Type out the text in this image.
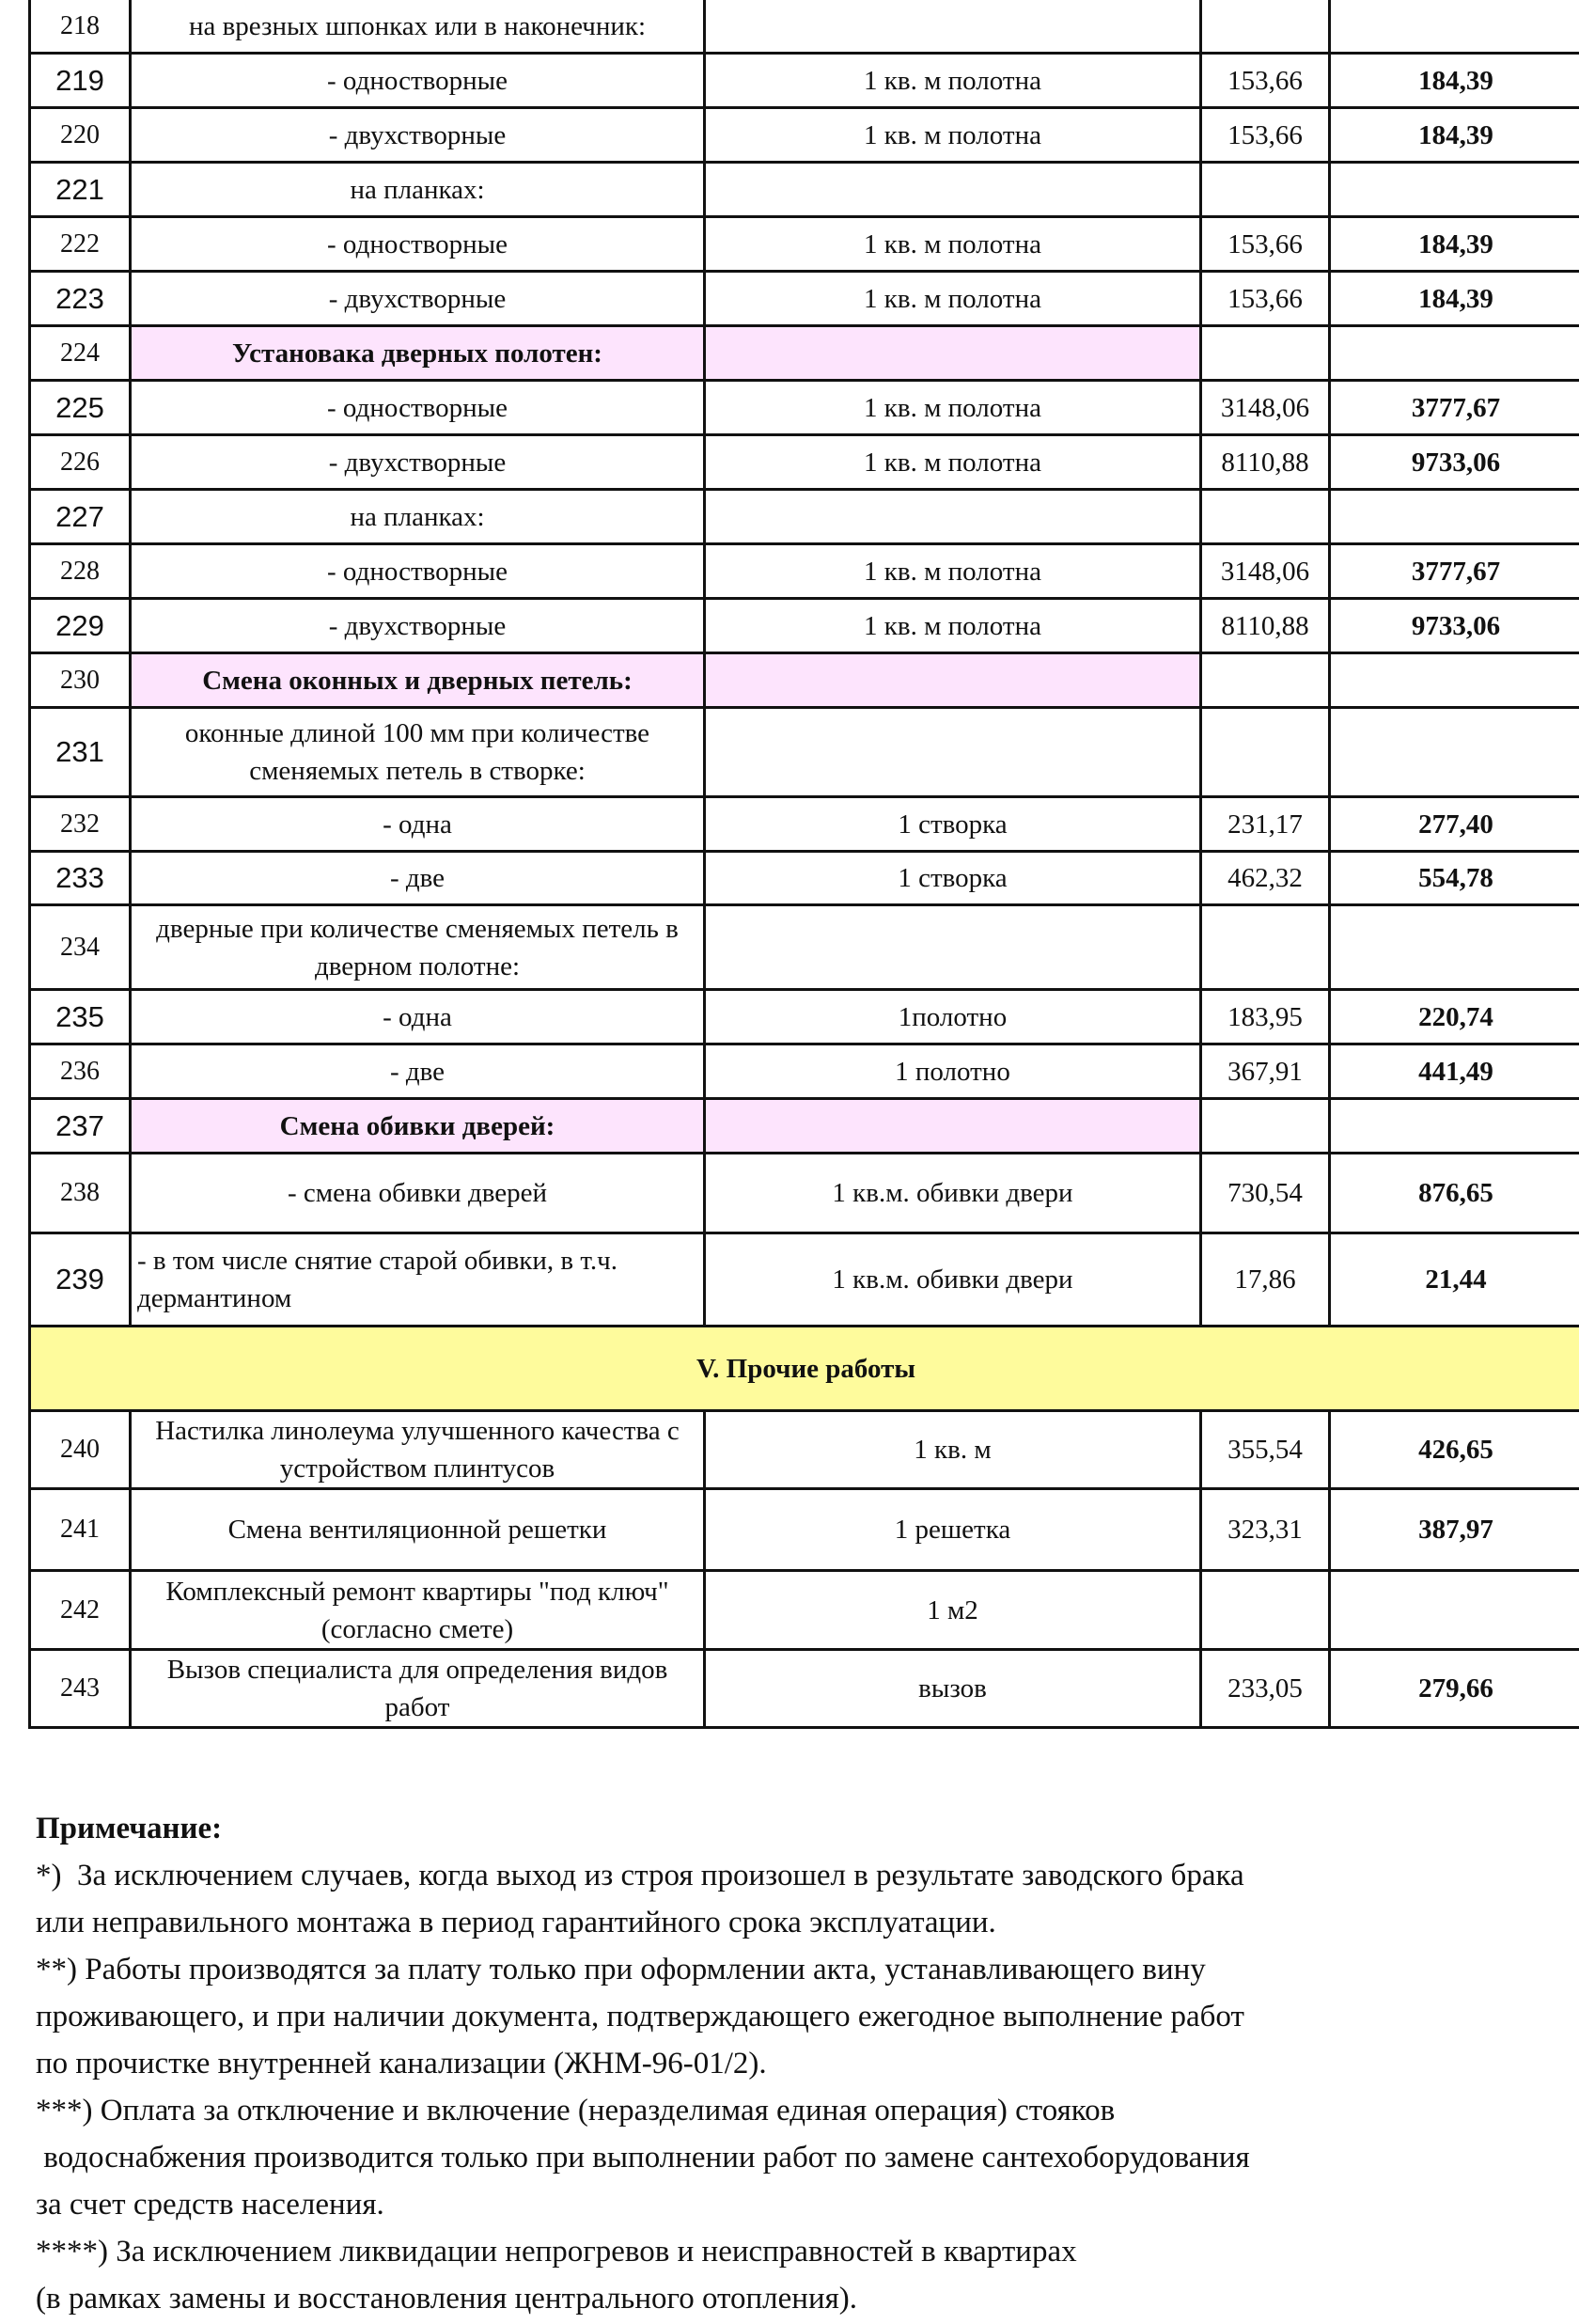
218	на врезных шпонках или в наконечник:			
219	- одностворные	1 кв. м полотна	153,66	184,39
220	- двухстворные	1 кв. м полотна	153,66	184,39
221	на планках:			
222	- одностворные	1 кв. м полотна	153,66	184,39
223	- двухстворные	1 кв. м полотна	153,66	184,39
224	Установака дверных полотен:			
225	- одностворные	1 кв. м полотна	3148,06	3777,67
226	- двухстворные	1 кв. м полотна	8110,88	9733,06
227	на планках:			
228	- одностворные	1 кв. м полотна	3148,06	3777,67
229	- двухстворные	1 кв. м полотна	8110,88	9733,06
230	Смена оконных и дверных петель:			
231	оконные длиной 100 мм при количестве сменяемых петель в створке:			
232	- одна	1 створка	231,17	277,40
233	- две	1 створка	462,32	554,78
234	дверные при количестве сменяемых петель в дверном полотне:			
235	- одна	1полотно	183,95	220,74
236	- две	1 полотно	367,91	441,49
237	Смена обивки дверей:			
238	- смена обивки дверей	1 кв.м. обивки двери	730,54	876,65
239	- в том числе снятие старой обивки, в т.ч. дермантином	1 кв.м. обивки двери	17,86	21,44
V. Прочие работы				
240	Настилка линолеума улучшенного качества с устройством плинтусов	1 кв. м	355,54	426,65
241	Смена вентиляционной решетки	1 решетка	323,31	387,97
242	Комплексный ремонт квартиры "под ключ" (согласно смете)	1 м2		
243	Вызов специалиста для определения видов работ	вызов	233,05	279,66
Примечание:
*)  За исключением случаев, когда выход из строя произошел в результате заводского брака
или неправильного монтажа в период гарантийного срока эксплуатации.
**) Работы производятся за плату только при оформлении акта, устанавливающего вину
проживающего, и при наличии документа, подтверждающего ежегодное выполнение работ
по прочистке внутренней канализации (ЖНМ-96-01/2).
***) Оплата за отключение и включение (неразделимая единая операция) стояков
водоснабжения производится только при выполнении работ по замене сантехоборудования
за счет средств населения.
****) За исключением ликвидации непрогревов и неисправностей в квартирах
(в рамках замены и восстановления центрального отопления).
